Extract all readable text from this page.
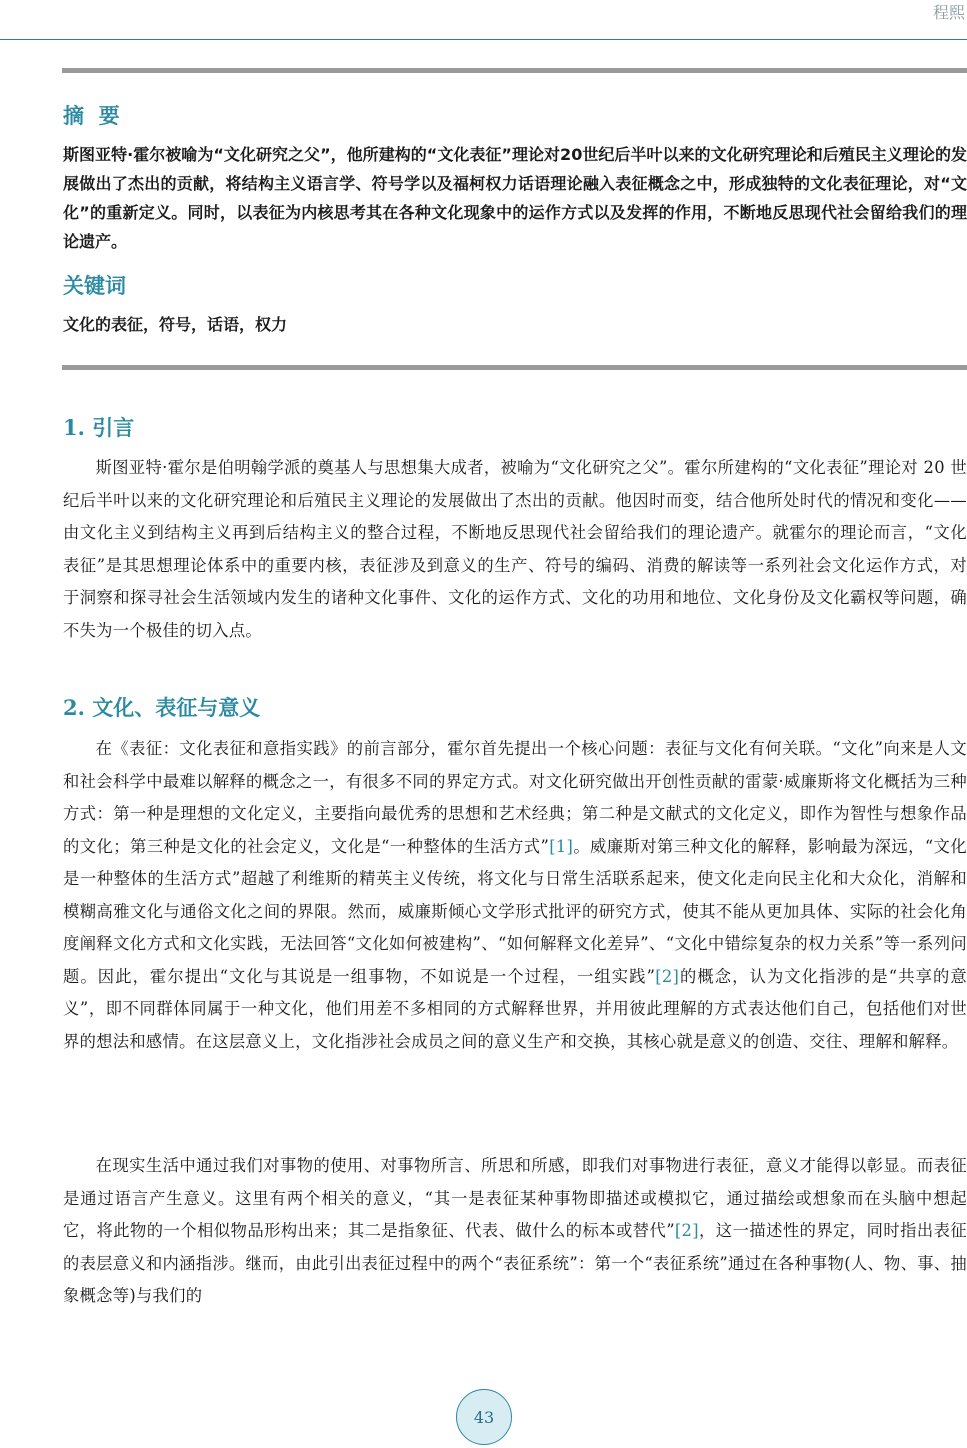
程熙
摘  要
斯图亚特·霍尔被喻为“文化研究之父”，他所建构的“文化表征”理论对20世纪后半叶以来的文化研究理论和后殖民主义理论的发展做出了杰出的贡献，将结构主义语言学、符号学以及福柯权力话语理论融入表征概念之中，形成独特的文化表征理论，对“文化”的重新定义。同时，以表征为内核思考其在各种文化现象中的运作方式以及发挥的作用，不断地反思现代社会留给我们的理论遗产。
关键词
文化的表征，符号，话语，权力
1. 引言

斯图亚特·霍尔是伯明翰学派的奠基人与思想集大成者，被喻为“文化研究之父”。霍尔所建构的“文化表征”理论对 20 世纪后半叶以来的文化研究理论和后殖民主义理论的发展做出了杰出的贡献。他因时而变，结合他所处时代的情况和变化——由文化主义到结构主义再到后结构主义的整合过程，不断地反思现代社会留给我们的理论遗产。就霍尔的理论而言，“文化表征”是其思想理论体系中的重要内核，表征涉及到意义的生产、符号的编码、消费的解读等一系列社会文化运作方式，对于洞察和探寻社会生活领域内发生的诸种文化事件、文化的运作方式、文化的功用和地位、文化身份及文化霸权等问题，确不失为一个极佳的切入点。

2. 文化、表征与意义

在《表征：文化表征和意指实践》的前言部分，霍尔首先提出一个核心问题：表征与文化有何关联。“文化”向来是人文和社会科学中最难以解释的概念之一，有很多不同的界定方式。对文化研究做出开创性贡献的雷蒙·威廉斯将文化概括为三种方式：第一种是理想的文化定义，主要指向最优秀的思想和艺术经典；第二种是文献式的文化定义，即作为智性与想象作品的文化；第三种是文化的社会定义，文化是“一种整体的生活方式”[1]。威廉斯对第三种文化的解释，影响最为深远，“文化是一种整体的生活方式”超越了利维斯的精英主义传统，将文化与日常生活联系起来，使文化走向民主化和大众化，消解和模糊高雅文化与通俗文化之间的界限。然而，威廉斯倾心文学形式批评的研究方式，使其不能从更加具体、实际的社会化角度阐释文化方式和文化实践，无法回答“文化如何被建构”、“如何解释文化差异”、“文化中错综复杂的权力关系”等一系列问题。因此，霍尔提出“文化与其说是一组事物，不如说是一个过程，一组实践”[2]的概念，认为文化指涉的是“共享的意义”，即不同群体同属于一种文化，他们用差不多相同的方式解释世界，并用彼此理解的方式表达他们自己，包括他们对世界的想法和感情。在这层意义上，文化指涉社会成员之间的意义生产和交换，其核心就是意义的创造、交往、理解和解释。

在现实生活中通过我们对事物的使用、对事物所言、所思和所感，即我们对事物进行表征，意义才能得以彰显。而表征是通过语言产生意义。这里有两个相关的意义，“其一是表征某种事物即描述或模拟它，通过描绘或想象而在头脑中想起它，将此物的一个相似物品形构出来；其二是指象征、代表、做什么的标本或替代”[2]，这一描述性的界定，同时指出表征的表层意义和内涵指涉。继而，由此引出表征过程中的两个“表征系统”：第一个“表征系统”通过在各种事物(人、物、事、抽象概念等)与我们的

43
